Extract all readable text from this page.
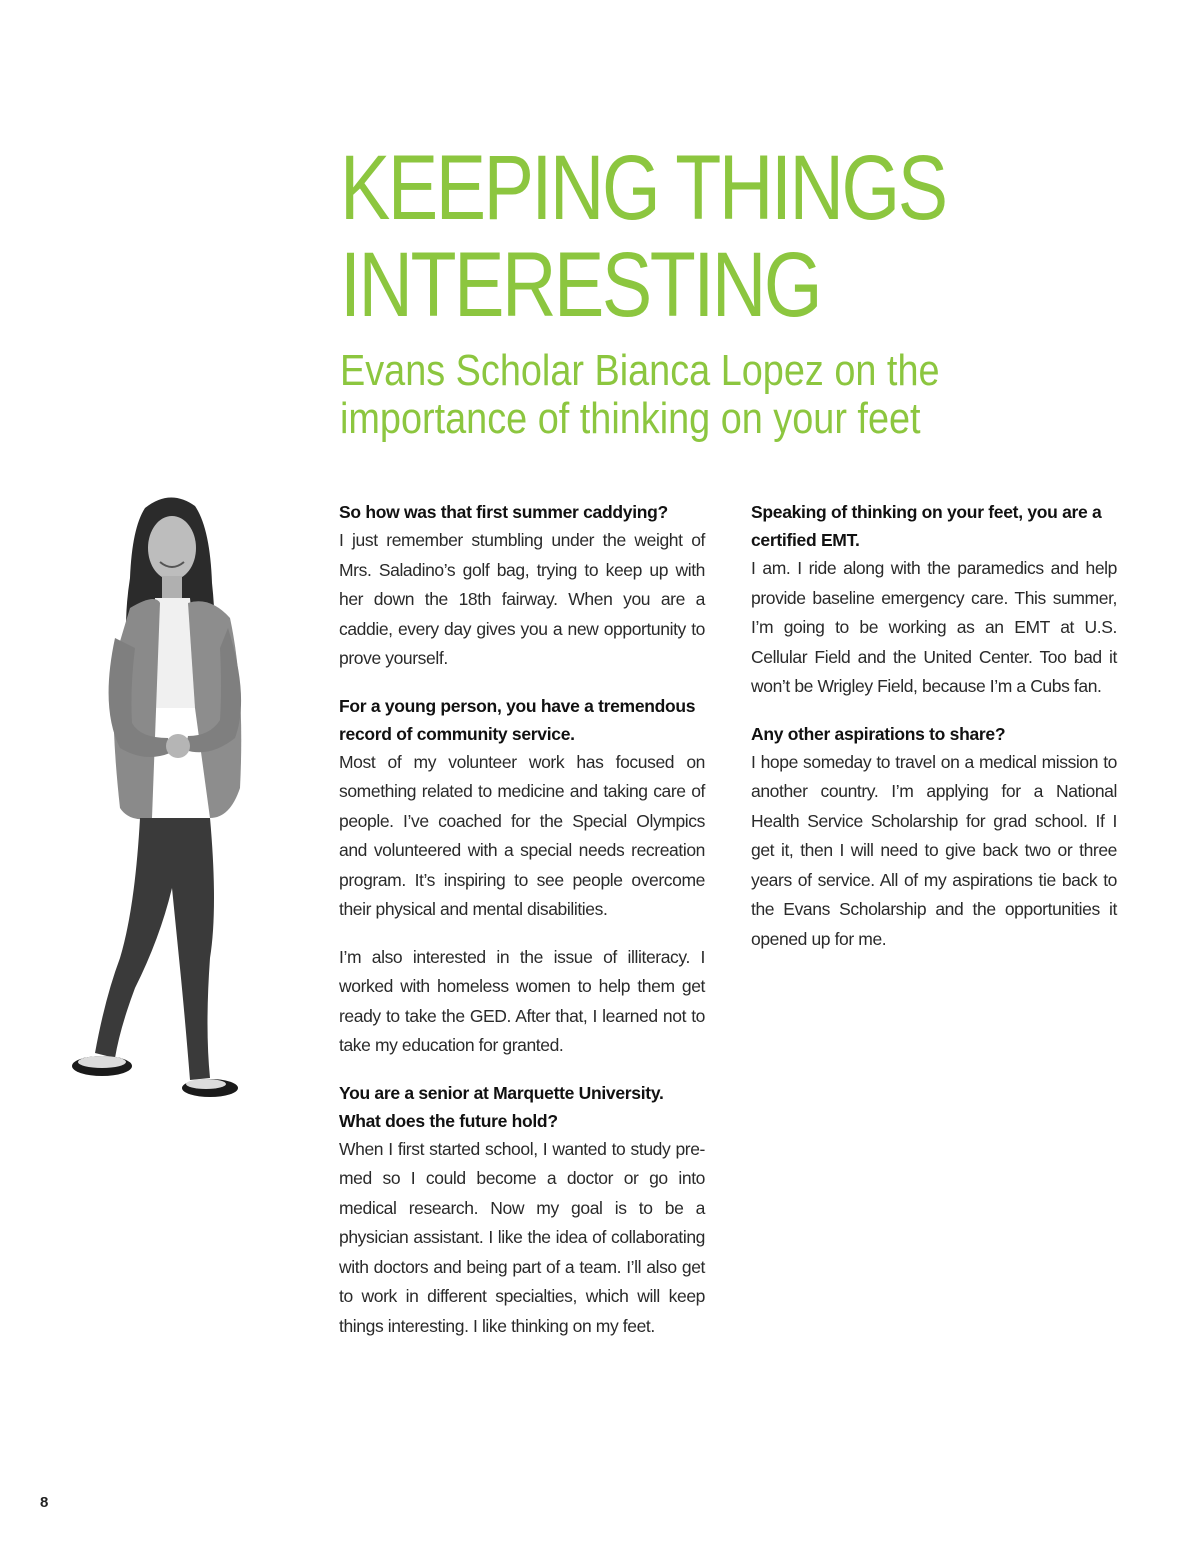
KEEPING THINGS
INTERESTING
Evans Scholar Bianca Lopez on the
importance of thinking on your feet

So how was that first summer caddying?

I just remember stumbling under the weight of Mrs. Saladino’s golf bag, trying to keep up with her down the 18th fairway. When you are a caddie, every day gives you a new opportunity to prove yourself.

For a young person, you have a tremendous record of community service.

Most of my volunteer work has focused on something related to medicine and taking care of people. I’ve coached for the Special Olympics and volunteered with a special needs recreation program. It’s inspiring to see people overcome their physical and mental disabilities.

I’m also interested in the issue of illiteracy. I worked with homeless women to help them get ready to take the GED. After that, I learned not to take my education for granted.

You are a senior at Marquette University. What does the future hold?

When I first started school, I wanted to study pre-med so I could become a doctor or go into medical research. Now my goal is to be a physician assistant. I like the idea of collaborating with doctors and being part of a team. I’ll also get to work in different specialties, which will keep things interesting. I like thinking on my feet.

Speaking of thinking on your feet, you are a certified EMT.

I am. I ride along with the paramedics and help provide baseline emergency care. This summer, I’m going to be working as an EMT at U.S. Cellular Field and the United Center. Too bad it won’t be Wrigley Field, because I’m a Cubs fan.

Any other aspirations to share?

I hope someday to travel on a medical mission to another country. I’m applying for a National Health Service Scholarship for grad school. If I get it, then I will need to give back two or three years of service. All of my aspirations tie back to the Evans Scholarship and the opportunities it opened up for me.

8
